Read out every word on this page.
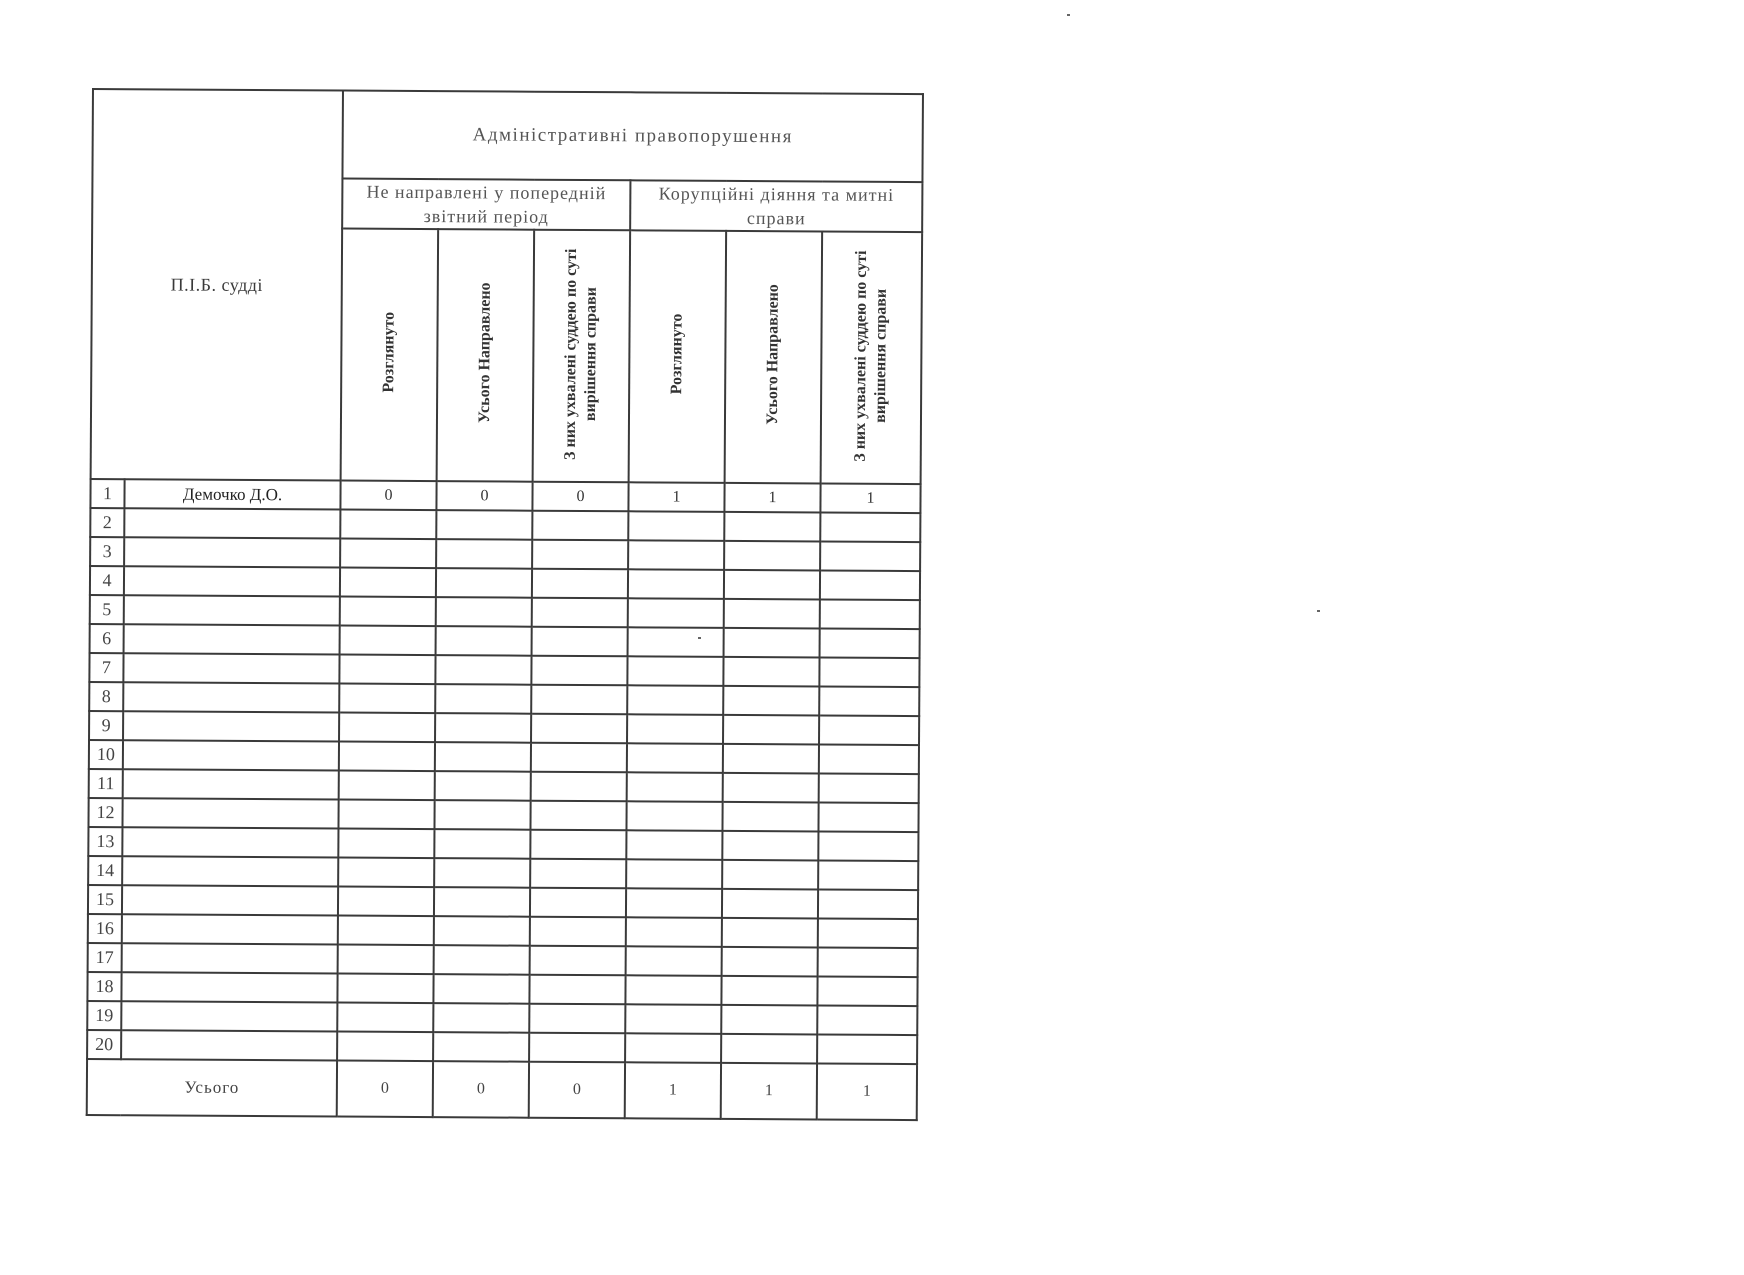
П.І.Б. судді		Адміністративні правопорушення					
		Не направлені у попередній звітний період			Корупційні діяння та митні справи		
		Розглянуто	Усього Направлено	З них ухвалені суддею по суті вирішення справи	Розглянуто	Усього Направлено	З них ухвалені суддею по суті вирішення справи
1	Демочко Д.О.	0	0	0	1	1	1
2							
3							
4							
5							
6							
7							
8							
9							
10							
11							
12							
13							
14							
15							
16							
17							
18							
19							
20							
Усього		0	0	0	1	1	1
